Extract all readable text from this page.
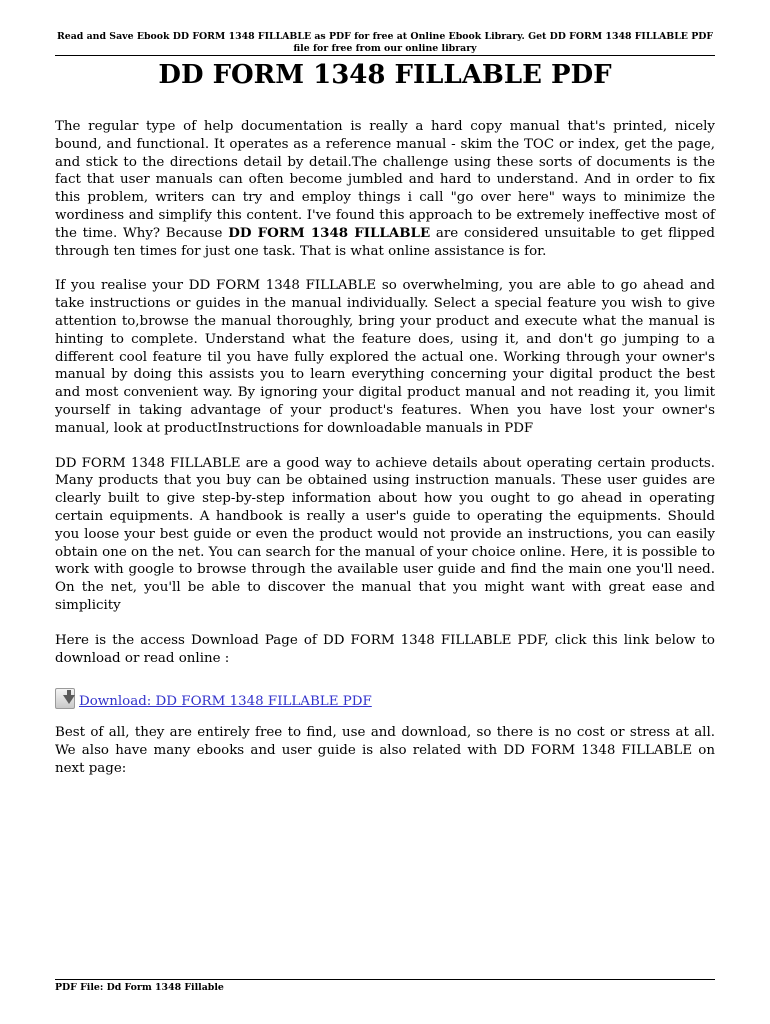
Read and Save Ebook DD FORM 1348 FILLABLE as PDF for free at Online Ebook Library. Get DD FORM 1348 FILLABLE PDF file for free from our online library
DD FORM 1348 FILLABLE PDF

The regular type of help documentation is really a hard copy manual that's printed, nicely bound, and functional. It operates as a reference manual - skim the TOC or index, get the page, and stick to the directions detail by detail.The challenge using these sorts of documents is the fact that user manuals can often become jumbled and hard to understand. And in order to fix this problem, writers can try and employ things i call "go over here" ways to minimize the wordiness and simplify this content. I've found this approach to be extremely ineffective most of the time. Why? Because DD FORM 1348 FILLABLE are considered unsuitable to get flipped through ten times for just one task. That is what online assistance is for.

If you realise your DD FORM 1348 FILLABLE so overwhelming, you are able to go ahead and take instructions or guides in the manual individually. Select a special feature you wish to give attention to,browse the manual thoroughly, bring your product and execute what the manual is hinting to complete. Understand what the feature does, using it, and don't go jumping to a different cool feature til you have fully explored the actual one. Working through your owner's manual by doing this assists you to learn everything concerning your digital product the best and most convenient way. By ignoring your digital product manual and not reading it, you limit yourself in taking advantage of your product's features. When you have lost your owner's manual, look at productInstructions for downloadable manuals in PDF

DD FORM 1348 FILLABLE are a good way to achieve details about operating certain products. Many products that you buy can be obtained using instruction manuals. These user guides are clearly built to give step-by-step information about how you ought to go ahead in operating certain equipments. A handbook is really a user's guide to operating the equipments. Should you loose your best guide or even the product would not provide an instructions, you can easily obtain one on the net. You can search for the manual of your choice online. Here, it is possible to work with google to browse through the available user guide and find the main one you'll need. On the net, you'll be able to discover the manual that you might want with great ease and simplicity

Here is the access Download Page of DD FORM 1348 FILLABLE PDF, click this link below to download or read online :

Download: DD FORM 1348 FILLABLE PDF

Best of all, they are entirely free to find, use and download, so there is no cost or stress at all. We also have many ebooks and user guide is also related with DD FORM 1348 FILLABLE on next page:

PDF File: Dd Form 1348 Fillable
